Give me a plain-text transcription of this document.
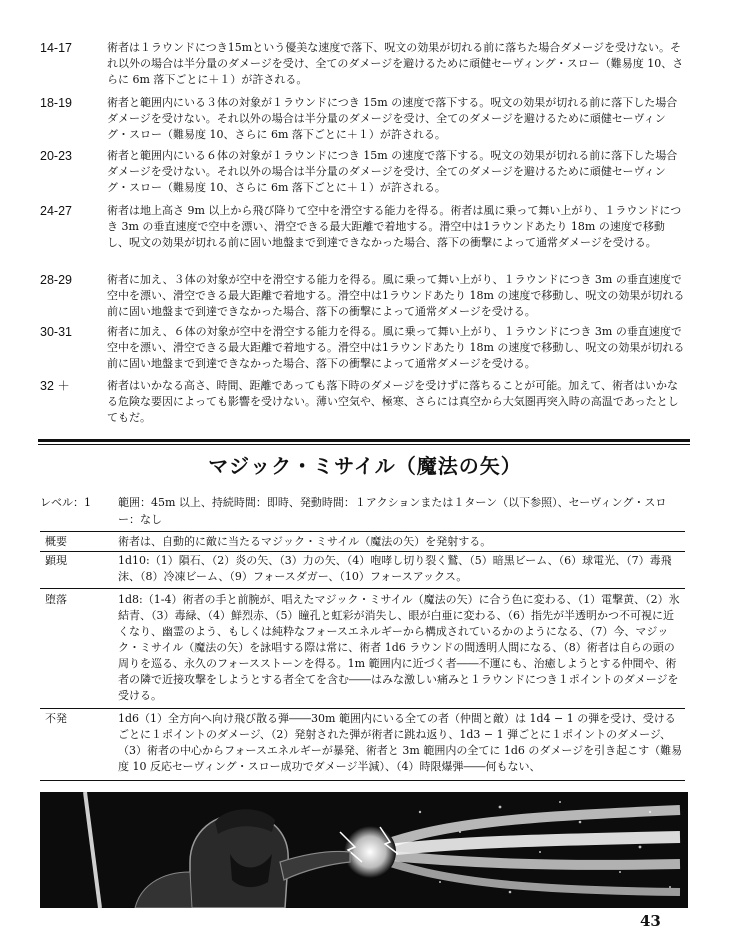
14-17	術者は１ラウンドにつき15mという優美な速度で落下、呪文の効果が切れる前に落ちた場合ダメージを受けない。それ以外の場合は半分量のダメージを受け、全てのダメージを避けるために頑健セーヴィング・スロー（難易度 10、さらに 6m 落下ごとに＋１）が許される。
18-19	術者と範囲内にいる３体の対象が１ラウンドにつき 15m の速度で落下する。呪文の効果が切れる前に落下した場合ダメージを受けない。それ以外の場合は半分量のダメージを受け、全てのダメージを避けるために頑健セーヴィング・スロー（難易度 10、さらに 6m 落下ごとに＋１）が許される。
20-23	術者と範囲内にいる６体の対象が１ラウンドにつき 15m の速度で落下する。呪文の効果が切れる前に落下した場合ダメージを受けない。それ以外の場合は半分量のダメージを受け、全てのダメージを避けるために頑健セーヴィング・スロー（難易度 10、さらに 6m 落下ごとに＋１）が許される。
24-27	術者は地上高さ 9m 以上から飛び降りて空中を滑空する能力を得る。術者は風に乗って舞い上がり、１ラウンドにつき 3m の垂直速度で空中を漂い、滑空できる最大距離で着地する。滑空中は1ラウンドあたり 18m の速度で移動し、呪文の効果が切れる前に固い地盤まで到達できなかった場合、落下の衝撃によって通常ダメージを受ける。
28-29	術者に加え、３体の対象が空中を滑空する能力を得る。風に乗って舞い上がり、１ラウンドにつき 3m の垂直速度で空中を漂い、滑空できる最大距離で着地する。滑空中は1ラウンドあたり 18m の速度で移動し、呪文の効果が切れる前に固い地盤まで到達できなかった場合、落下の衝撃によって通常ダメージを受ける。
30-31	術者に加え、６体の対象が空中を滑空する能力を得る。風に乗って舞い上がり、１ラウンドにつき 3m の垂直速度で空中を漂い、滑空できる最大距離で着地する。滑空中は1ラウンドあたり 18m の速度で移動し、呪文の効果が切れる前に固い地盤まで到達できなかった場合、落下の衝撃によって通常ダメージを受ける。
32 ＋	術者はいかなる高さ、時間、距離であっても落下時のダメージを受けずに落ちることが可能。加えて、術者はいかなる危険な要因によっても影響を受けない。薄い空気や、極寒、さらには真空から大気圏再突入時の高温であったとしてもだ。
マジック・ミサイル（魔法の矢）
レベル：1	範囲：45m 以上、持続時間：即時、発動時間：１アクションまたは１ターン（以下参照）、セーヴィング・スロー：なし
概要	術者は、自動的に敵に当たるマジック・ミサイル（魔法の矢）を発射する。
顕現	1d10:（1）隕石、（2）炎の矢、（3）力の矢、（4）咆哮し切り裂く鷲、（5）暗黒ビーム、（6）球電光、（7）毒飛沫、（8）冷凍ビーム、（9）フォースダガー、（10）フォースアックス。
堕落	1d8:（1-4）術者の手と前腕が、唱えたマジック・ミサイル（魔法の矢）に合う色に変わる、（1）電撃黄、（2）氷結青、（3）毒緑、（4）鮮烈赤、（5）瞳孔と虹彩が消失し、眼が白亜に変わる、（6）指先が半透明かつ不可視に近くなり、幽霊のよう、もしくは純粋なフォースエネルギーから構成されているかのようになる、（7）今、マジック・ミサイル（魔法の矢）を詠唱する際は常に、術者 1d6 ラウンドの間透明人間になる、（8）術者は自らの頭の周りを巡る、永久のフォースストーンを得る。1m 範囲内に近づく者――不運にも、治癒しようとする仲間や、術者の隣で近接攻撃をしようとする者全てを含む――はみな激しい痛みと１ラウンドにつき１ポイントのダメージを受ける。
不発	1d6（1）全方向へ向け飛び散る弾――30m 範囲内にいる全ての者（仲間と敵）は 1d4 − 1 の弾を受け、受けるごとに１ポイントのダメージ、（2）発射された弾が術者に跳ね返り、1d3 − 1 弾ごとに１ポイントのダメージ、（3）術者の中心からフォースエネルギーが暴発、術者と 3m 範囲内の全てに 1d6 のダメージを引き起こす（難易度 10 反応セーヴィング・スロー成功でダメージ半減）、（4）時限爆弾――何もない、
43
